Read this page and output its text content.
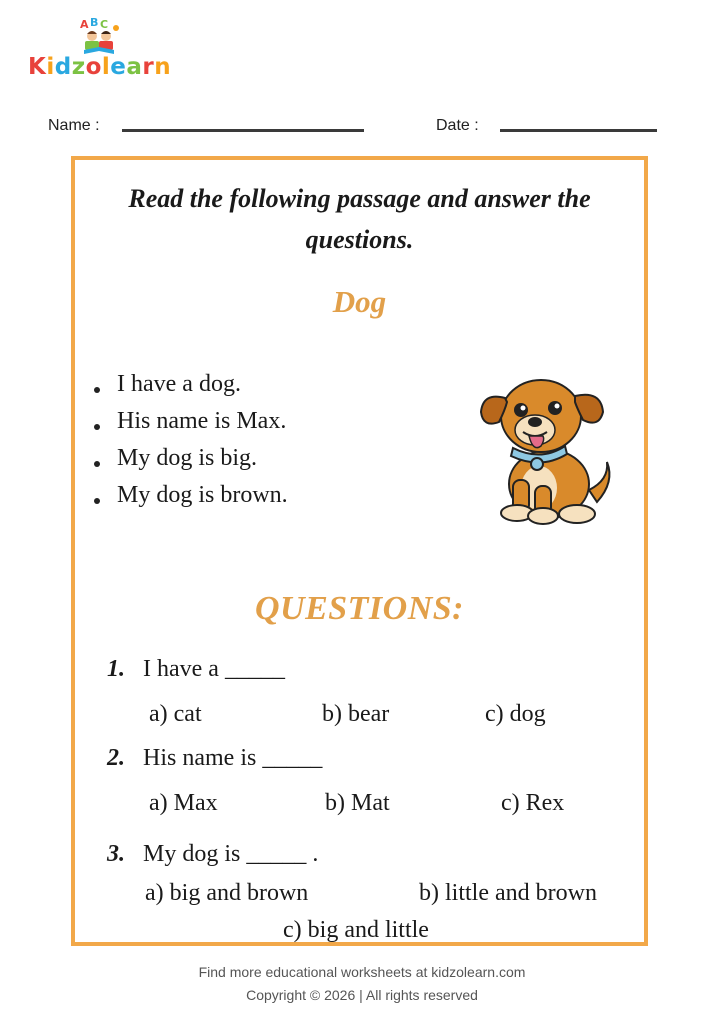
A B C
Kidzolearn
Name :	Date :
Read the following passage and answer the
questions.
Dog
I have a dog.
His name is Max.
My dog is big.
My dog is brown.
QUESTIONS:
1. I have a _____
a) cat	b) bear	c) dog
2. His name is _____
a) Max	b) Mat	c) Rex
3. My dog is _____ .
a) big and brown	b) little and brown
c) big and little
Find more educational worksheets at kidzolearn.com
Copyright © 2026 | All rights reserved
